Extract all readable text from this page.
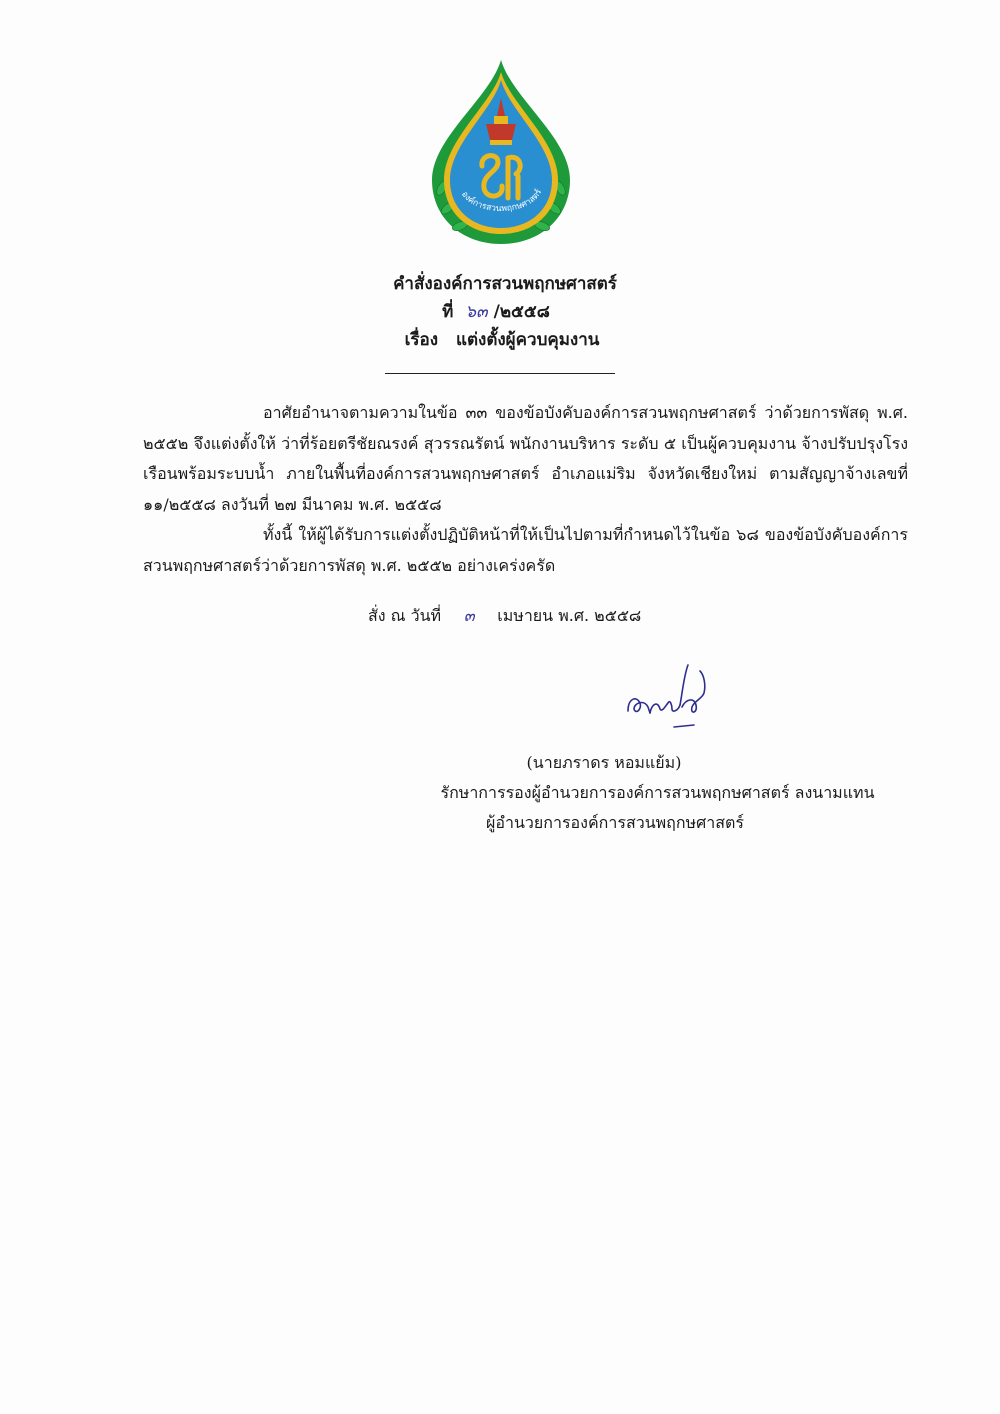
องค์การสวนพฤกษศาสตร์
คำสั่งองค์การสวนพฤกษศาสตร์
ที่ ๖๓ /๒๕๕๘
เรื่อง แต่งตั้งผู้ควบคุมงาน

อาศัยอำนาจตามความในข้อ ๓๓ ของข้อบังคับองค์การสวนพฤกษศาสตร์ ว่าด้วยการพัสดุ พ.ศ. ๒๕๕๒ จึงแต่งตั้งให้ ว่าที่ร้อยตรีชัยณรงค์ สุวรรณรัตน์ พนักงานบริหาร ระดับ ๕ เป็นผู้ควบคุมงาน จ้างปรับปรุงโรงเรือนพร้อมระบบน้ำ ภายในพื้นที่องค์การสวนพฤกษศาสตร์ อำเภอแม่ริม จังหวัดเชียงใหม่ ตามสัญญาจ้างเลขที่ ๑๑/๒๕๕๘ ลงวันที่ ๒๗ มีนาคม พ.ศ. ๒๕๕๘

ทั้งนี้ ให้ผู้ได้รับการแต่งตั้งปฏิบัติหน้าที่ให้เป็นไปตามที่กำหนดไว้ในข้อ ๖๘ ของข้อบังคับองค์การสวนพฤกษศาสตร์ว่าด้วยการพัสดุ พ.ศ. ๒๕๕๒ อย่างเคร่งครัด

สั่ง ณ วันที่ ๓ เมษายน พ.ศ. ๒๕๕๘
(นายภราดร หอมแย้ม)
รักษาการรองผู้อำนวยการองค์การสวนพฤกษศาสตร์ ลงนามแทน
ผู้อำนวยการองค์การสวนพฤกษศาสตร์
